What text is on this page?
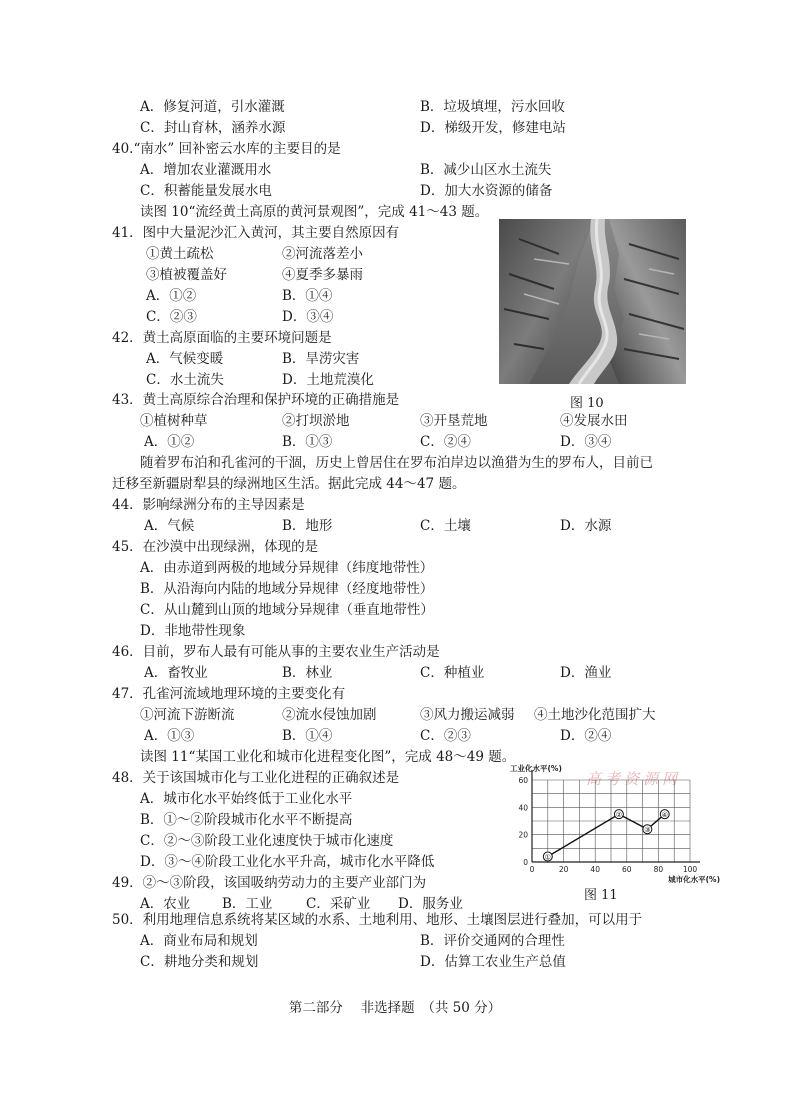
A．修复河道，引水灌溉	B．垃圾填埋，污水回收
C．封山育林，涵养水源	D．梯级开发，修建电站
40.“南水” 回补密云水库的主要目的是
A．增加农业灌溉用水	B．减少山区水土流失
C．积蓄能量发展水电	D．加大水资源的储备
读图 10“流经黄土高原的黄河景观图”，完成 41～43 题。
41．图中大量泥沙汇入黄河，其主要自然原因有
①黄土疏松	②河流落差小
③植被覆盖好	④夏季多暴雨
A．①②	B．①④
C．②③	D．③④
42．黄土高原面临的主要环境问题是
A．气候变暖	B．旱涝灾害
C．水土流失	D．土地荒漠化
图 10
43．黄土高原综合治理和保护环境的正确措施是
①植树种草	②打坝淤地	③开垦荒地	④发展水田
A．①②	B．①③	C．②④	D．③④
随着罗布泊和孔雀河的干涸，历史上曾居住在罗布泊岸边以渔猎为生的罗布人，目前已
迁移至新疆尉犁县的绿洲地区生活。据此完成 44～47 题。
44．影响绿洲分布的主导因素是
A．气候	B．地形	C．土壤	D．水源
45．在沙漠中出现绿洲，体现的是
A．由赤道到两极的地域分异规律（纬度地带性）
B．从沿海向内陆的地域分异规律（经度地带性）
C．从山麓到山顶的地域分异规律（垂直地带性）
D．非地带性现象
46．目前，罗布人最有可能从事的主要农业生产活动是
A．畜牧业	B．林业	C．种植业	D．渔业
47．孔雀河流域地理环境的主要变化有
①河流下游断流	②流水侵蚀加剧	③风力搬运减弱 ④土地沙化范围扩大
A．①③	B．①④	C．②③	D．②④
读图 11“某国工业化和城市化进程变化图”，完成 48～49 题。
高考资源网
48．关于该国城市化与工业化进程的正确叙述是
A．城市化水平始终低于工业化水平
B．①～②阶段城市化水平不断提高
C．②～③阶段工业化速度快于城市化速度
D．③～④阶段工业化水平升高，城市化水平降低
49．②～③阶段，该国吸纳劳动力的主要产业部门为
A．农业 B．工业 C．采矿业 D．服务业
0	20	40	60	80	100
0
20
40
60
工业化水平(%)
城市化水平(%)
①
②
③
④
图 11
50．利用地理信息系统将某区域的水系、土地利用、地形、土壤图层进行叠加，可以用于
A．商业布局和规划	B．评价交通网的合理性
C．耕地分类和规划	D．估算工农业生产总值
第二部分　 非选择题　（共 50 分）
